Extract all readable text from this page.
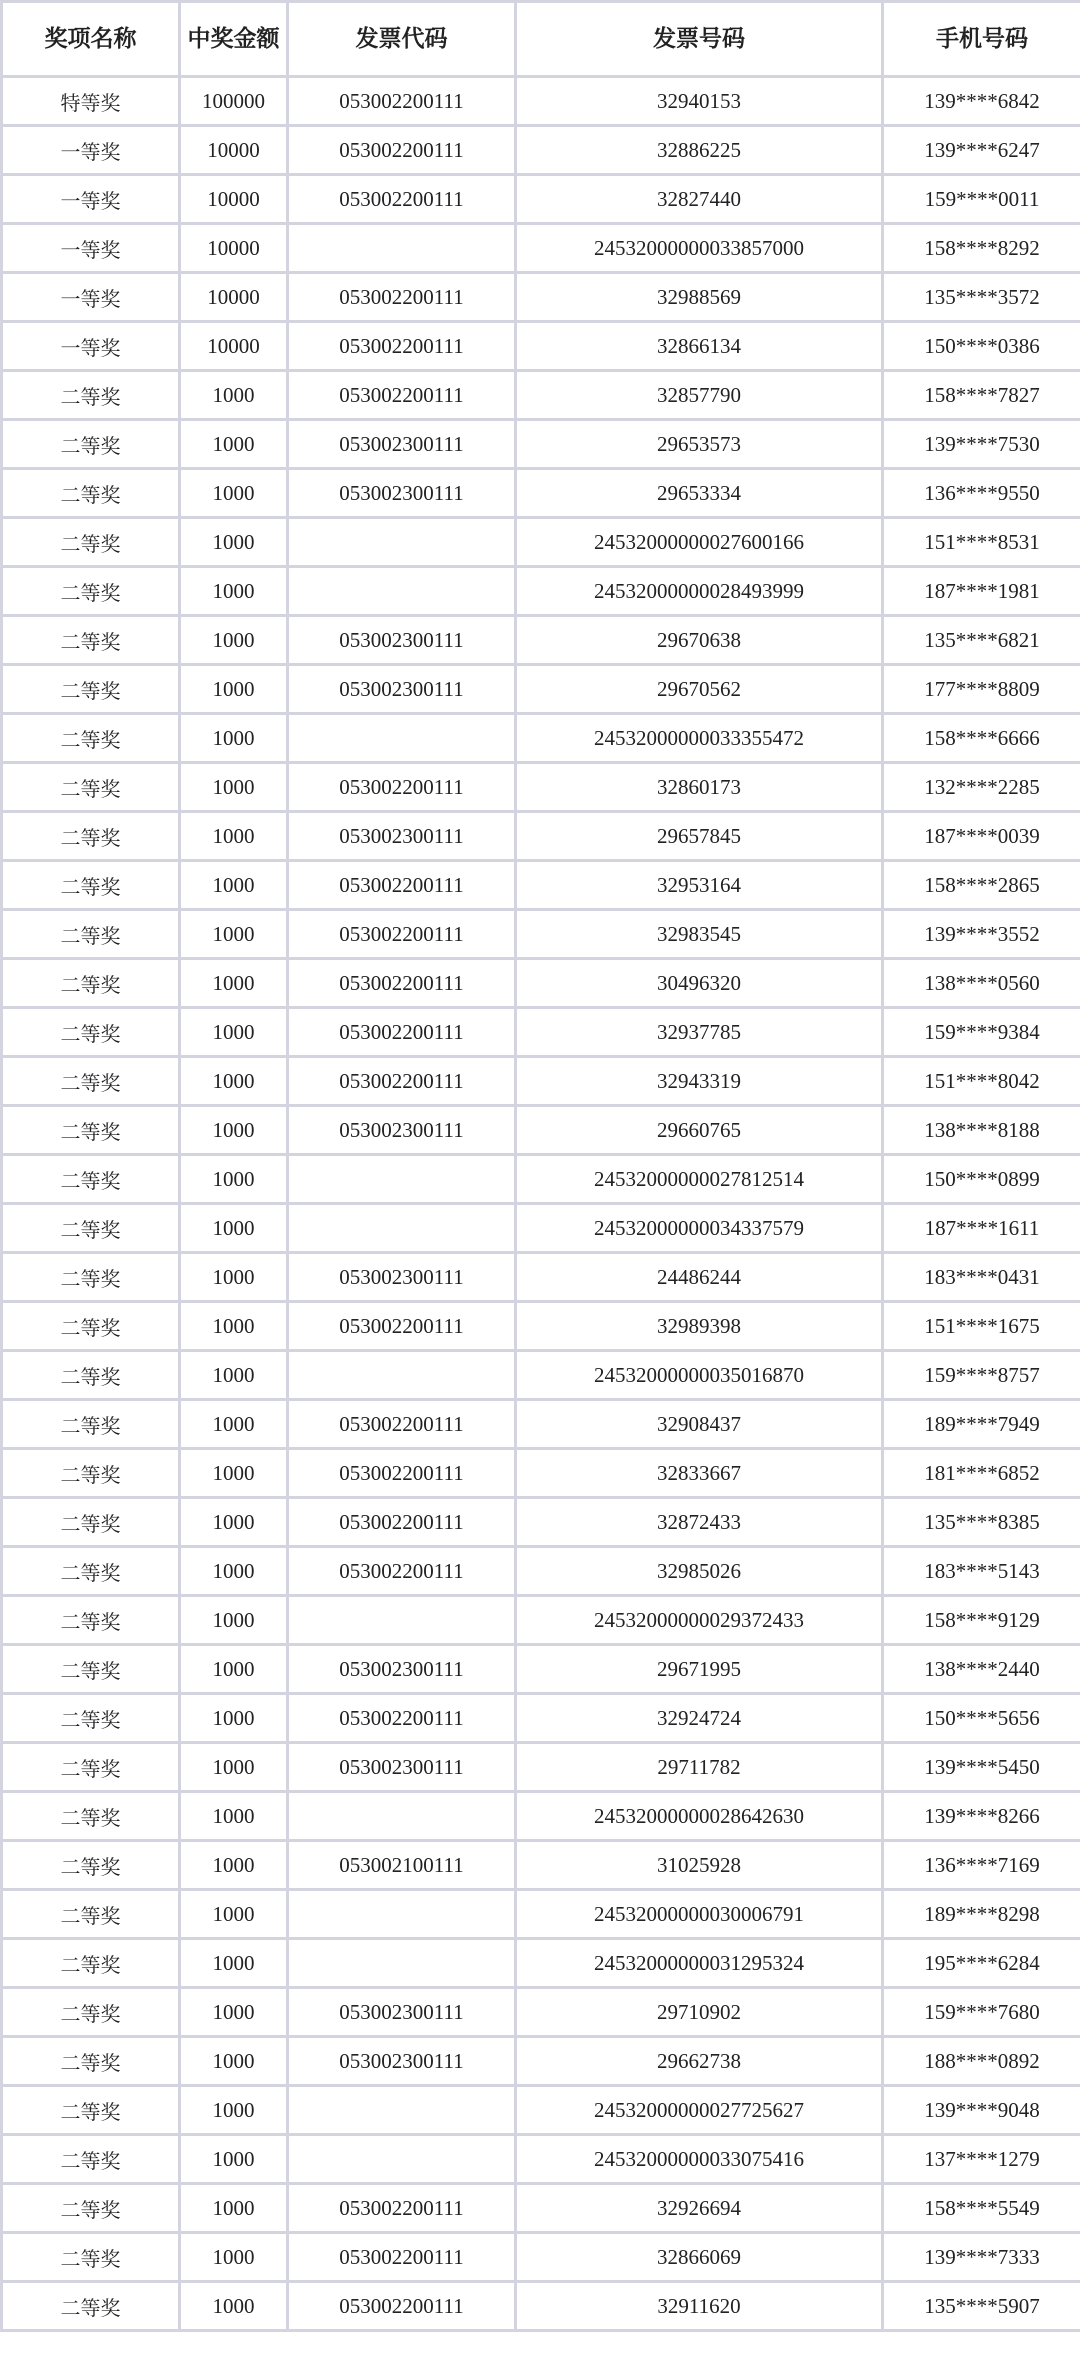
奖项名称	中奖金额	发票代码	发票号码	手机号码
特等奖	100000	053002200111	32940153	139****6842
一等奖	10000	053002200111	32886225	139****6247
一等奖	10000	053002200111	32827440	159****0011
一等奖	10000		24532000000033857000	158****8292
一等奖	10000	053002200111	32988569	135****3572
一等奖	10000	053002200111	32866134	150****0386
二等奖	1000	053002200111	32857790	158****7827
二等奖	1000	053002300111	29653573	139****7530
二等奖	1000	053002300111	29653334	136****9550
二等奖	1000		24532000000027600166	151****8531
二等奖	1000		24532000000028493999	187****1981
二等奖	1000	053002300111	29670638	135****6821
二等奖	1000	053002300111	29670562	177****8809
二等奖	1000		24532000000033355472	158****6666
二等奖	1000	053002200111	32860173	132****2285
二等奖	1000	053002300111	29657845	187****0039
二等奖	1000	053002200111	32953164	158****2865
二等奖	1000	053002200111	32983545	139****3552
二等奖	1000	053002200111	30496320	138****0560
二等奖	1000	053002200111	32937785	159****9384
二等奖	1000	053002200111	32943319	151****8042
二等奖	1000	053002300111	29660765	138****8188
二等奖	1000		24532000000027812514	150****0899
二等奖	1000		24532000000034337579	187****1611
二等奖	1000	053002300111	24486244	183****0431
二等奖	1000	053002200111	32989398	151****1675
二等奖	1000		24532000000035016870	159****8757
二等奖	1000	053002200111	32908437	189****7949
二等奖	1000	053002200111	32833667	181****6852
二等奖	1000	053002200111	32872433	135****8385
二等奖	1000	053002200111	32985026	183****5143
二等奖	1000		24532000000029372433	158****9129
二等奖	1000	053002300111	29671995	138****2440
二等奖	1000	053002200111	32924724	150****5656
二等奖	1000	053002300111	29711782	139****5450
二等奖	1000		24532000000028642630	139****8266
二等奖	1000	053002100111	31025928	136****7169
二等奖	1000		24532000000030006791	189****8298
二等奖	1000		24532000000031295324	195****6284
二等奖	1000	053002300111	29710902	159****7680
二等奖	1000	053002300111	29662738	188****0892
二等奖	1000		24532000000027725627	139****9048
二等奖	1000		24532000000033075416	137****1279
二等奖	1000	053002200111	32926694	158****5549
二等奖	1000	053002200111	32866069	139****7333
二等奖	1000	053002200111	32911620	135****5907
